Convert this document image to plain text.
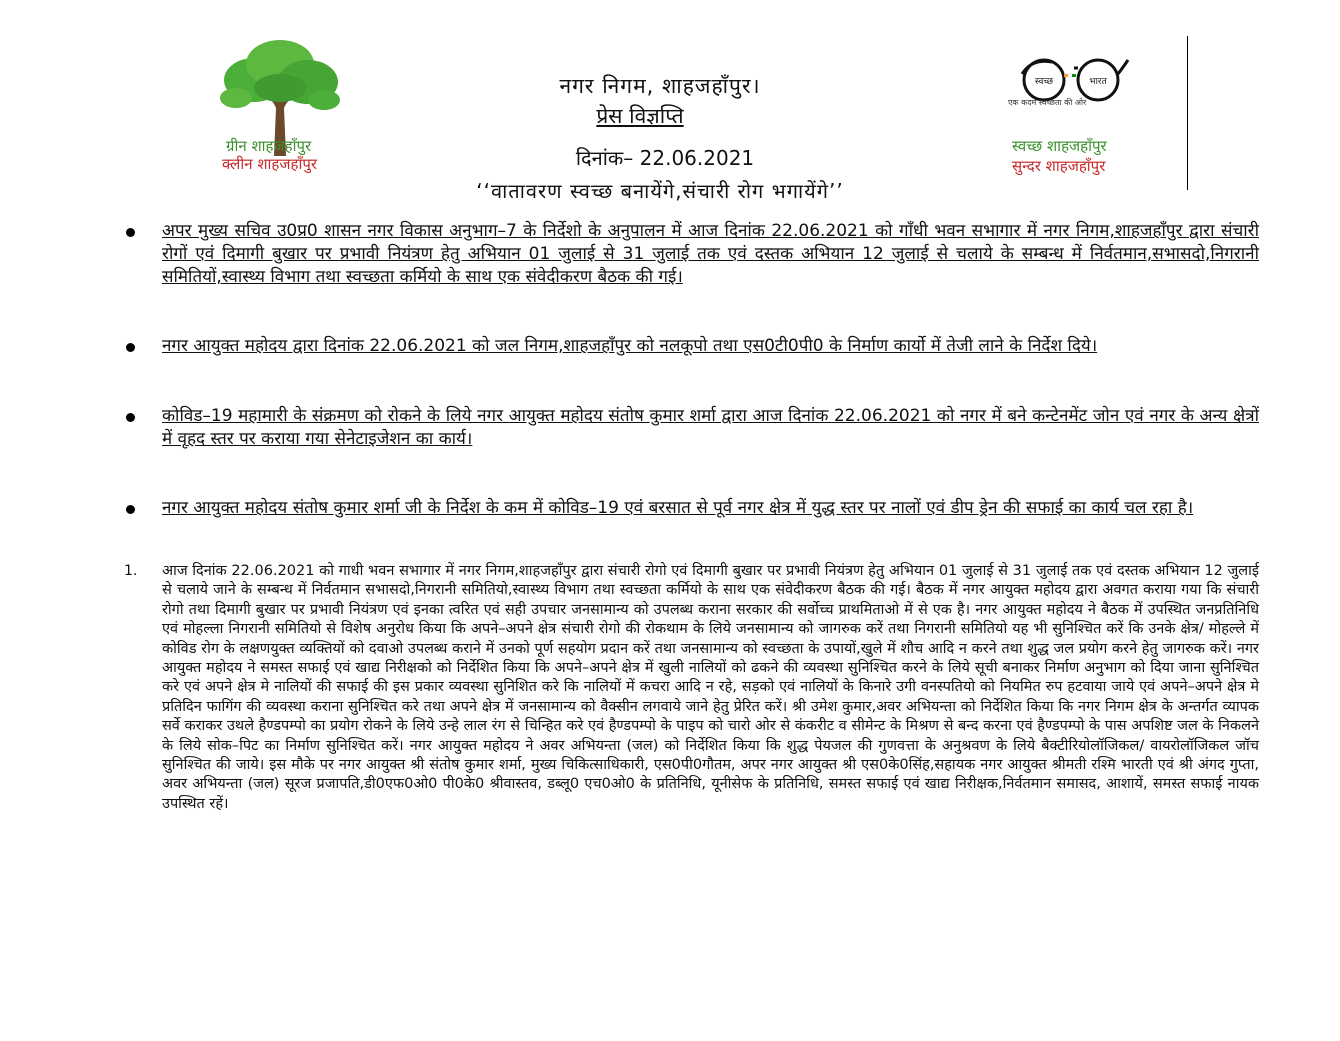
ग्रीन शाहजहाँपुर
क्लीन शाहजहाँपुर
नगर निगम, शाहजहाँपुर।
प्रेस विज्ञप्ति
दिनांक– 22.06.2021
‘‘वातावरण स्वच्छ बनायेंगे,संचारी रोग भगायेंगे’’
स्वच्छ	भारत
एक कदम स्वच्छता की ओर
स्वच्छ शाहजहाँपुर
सुन्दर शाहजहाँपुर
अपर मुख्य सचिव उ0प्र0 शासन नगर विकास अनुभाग–7 के निर्देशो के अनुपालन में आज दिनांक 22.06.2021 को गाँधी भवन सभागार में नगर निगम,शाहजहाँपुर द्वारा संचारी रोगों एवं दिमागी बुखार पर प्रभावी नियंत्रण हेतु अभियान 01 जुलाई से 31 जुलाई तक एवं दस्तक अभियान 12 जुलाई से चलाये के सम्बन्ध में निर्वतमान,सभासदो,निगरानी समितियों,स्वास्थ्य विभाग तथा स्वच्छता कर्मियो के साथ एक संवेदीकरण बैठक की गई।
नगर आयुक्त महोदय द्वारा दिनांक 22.06.2021 को जल निगम,शाहजहाँपुर को नलकूपो तथा एस0टी0पी0 के निर्माण कार्यो में तेजी लाने के निर्देश दिये।
कोविड–19 महामारी के संक्रमण को रोकने के लिये नगर आयुक्त महोदय संतोष कुमार शर्मा द्वारा आज दिनांक 22.06.2021 को नगर में बने कन्टेनमेंट जोन एवं नगर के अन्य क्षेत्रों में वृहद स्तर पर कराया गया सेनेटाइजेशन का कार्य।
नगर आयुक्त महोदय संतोष कुमार शर्मा जी के निर्देश के कम में कोविड–19 एवं बरसात से पूर्व नगर क्षेत्र में युद्ध स्तर पर नालों एवं डीप ड्रेन की सफाई का कार्य चल रहा है।
1. आज दिनांक 22.06.2021 को गाधी भवन सभागार में नगर निगम,शाहजहाँपुर द्वारा संचारी रोगो एवं दिमागी बुखार पर प्रभावी नियंत्रण हेतु अभियान 01 जुलाई से 31 जुलाई तक एवं दस्तक अभियान 12 जुलाई से चलाये जाने के सम्बन्ध में निर्वतमान सभासदो,निगरानी समितियो,स्वास्थ्य विभाग तथा स्वच्छता कर्मियो के साथ एक संवेदीकरण बैठक की गई। बैठक में नगर आयुक्त महोदय द्वारा अवगत कराया गया कि संचारी रोगो तथा दिमागी बुखार पर प्रभावी नियंत्रण एवं इनका त्वरित एवं सही उपचार जनसामान्य को उपलब्ध कराना सरकार की सर्वोच्च प्राथमिताओ में से एक है। नगर आयुक्त महोदय ने बैठक में उपस्थित जनप्रतिनिधि एवं मोहल्ला निगरानी समितियो से विशेष अनुरोध किया कि अपने–अपने क्षेत्र संचारी रोगो की रोकथाम के लिये जनसामान्य को जागरुक करें तथा निगरानी समितियो यह भी सुनिश्चित करें कि उनके क्षेत्र/ मोहल्ले में कोविड रोग के लक्षणयुक्त व्यक्तियों को दवाओ उपलब्ध कराने में उनको पूर्ण सहयोग प्रदान करें तथा जनसामान्य को स्वच्छता के उपायों,खुले में शौच आदि न करने तथा शुद्ध जल प्रयोग करने हेतु जागरुक करें। नगर आयुक्त महोदय ने समस्त सफाई एवं खाद्य निरीक्षको को निर्देशित किया कि अपने–अपने क्षेत्र में खुली नालियों को ढकने की व्यवस्था सुनिश्चित करने के लिये सूची बनाकर निर्माण अनुभाग को दिया जाना सुनिश्चित करे एवं अपने क्षेत्र मे नालियों की सफाई की इस प्रकार व्यवस्था सुनिशित करे कि नालियों में कचरा आदि न रहे, सड़को एवं नालियों के किनारे उगी वनस्पतियो को नियमित रुप हटवाया जाये एवं अपने–अपने क्षेत्र मे प्रतिदिन फागिंग की व्यवस्था कराना सुनिश्चित करे तथा अपने क्षेत्र में जनसामान्य को वैक्सीन लगवाये जाने हेतु प्रेरित करें। श्री उमेश कुमार,अवर अभियन्ता को निर्देशित किया कि नगर निगम क्षेत्र के अन्तर्गत व्यापक सर्वे कराकर उथले हैण्डपम्पो का प्रयोग रोकने के लिये उन्हे लाल रंग से चिन्हित करे एवं हैण्डपम्पो के पाइप को चारो ओर से कंकरीट व सीमेन्ट के मिश्रण से बन्द करना एवं हैण्डपम्पो के पास अपशिष्ट जल के निकलने के लिये सोक–पिट का निर्माण सुनिश्चित करें। नगर आयुक्त महोदय ने अवर अभियन्ता (जल) को निर्देशित किया कि शुद्ध पेयजल की गुणवत्ता के अनुश्रवण के लिये बैक्टीरियोलॉजिकल/ वायरोलॉजिकल जॉच सुनिश्चित की जाये। इस मौके पर नगर आयुक्त श्री संतोष कुमार शर्मा, मुख्य चिकित्साधिकारी, एस0पी0गौतम, अपर नगर आयुक्त श्री एस0के0सिंह,सहायक नगर आयुक्त श्रीमती रश्मि भारती एवं श्री अंगद गुप्ता, अवर अभियन्ता (जल) सूरज प्रजापति,डी0एफ0ओ0 पी0के0 श्रीवास्तव, डब्लू0 एच0ओ0 के प्रतिनिधि, यूनीसेफ के प्रतिनिधि, समस्त सफाई एवं खाद्य निरीक्षक,निर्वतमान समासद, आशायें, समस्त सफाई नायक उपस्थित रहें।
